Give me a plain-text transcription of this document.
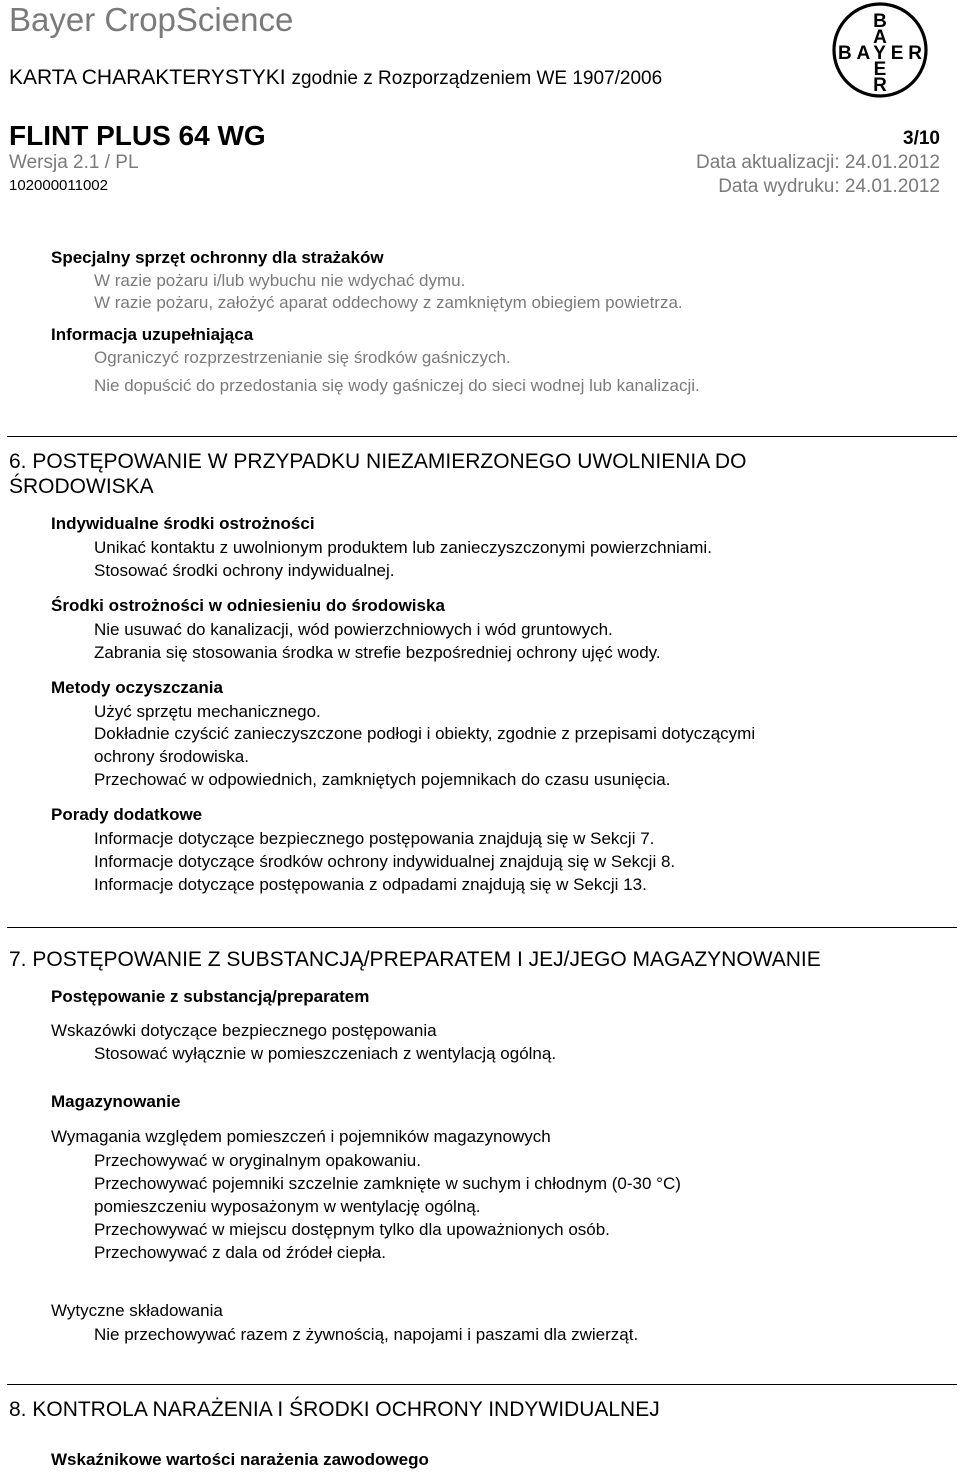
Bayer CropScience
KARTA CHARAKTERYSTYKI zgodnie z Rozporządzeniem WE 1907/2006
B
A
E
R
BAYER
FLINT PLUS 64 WG	3/10
Wersja 2.1 / PL	Data aktualizacji: 24.01.2012
102000011002	Data wydruku: 24.01.2012
Specjalny sprzęt ochronny dla strażaków
W razie pożaru i/lub wybuchu nie wdychać dymu.
W razie pożaru, założyć aparat oddechowy z zamkniętym obiegiem powietrza.
Informacja uzupełniająca
Ograniczyć rozprzestrzenianie się środków gaśniczych.
Nie dopuścić do przedostania się wody gaśniczej do sieci wodnej lub kanalizacji.
6. POSTĘPOWANIE W PRZYPADKU NIEZAMIERZONEGO UWOLNIENIA DO
ŚRODOWISKA
Indywidualne środki ostrożności
Unikać kontaktu z uwolnionym produktem lub zanieczyszczonymi powierzchniami.
Stosować środki ochrony indywidualnej.
Środki ostrożności w odniesieniu do środowiska
Nie usuwać do kanalizacji, wód powierzchniowych i wód gruntowych.
Zabrania się stosowania środka w strefie bezpośredniej ochrony ujęć wody.
Metody oczyszczania
Użyć sprzętu mechanicznego.
Dokładnie czyścić zanieczyszczone podłogi i obiekty, zgodnie z przepisami dotyczącymi
ochrony środowiska.
Przechować w odpowiednich, zamkniętych pojemnikach do czasu usunięcia.
Porady dodatkowe
Informacje dotyczące bezpiecznego postępowania znajdują się w Sekcji 7.
Informacje dotyczące środków ochrony indywidualnej znajdują się w Sekcji 8.
Informacje dotyczące postępowania z odpadami znajdują się w Sekcji 13.
7. POSTĘPOWANIE Z SUBSTANCJĄ/PREPARATEM I JEJ/JEGO MAGAZYNOWANIE
Postępowanie z substancją/preparatem
Wskazówki dotyczące bezpiecznego postępowania
Stosować wyłącznie w pomieszczeniach z wentylacją ogólną.
Magazynowanie
Wymagania względem pomieszczeń i pojemników magazynowych
Przechowywać w oryginalnym opakowaniu.
Przechowywać pojemniki szczelnie zamknięte w suchym i chłodnym (0-30 °C)
pomieszczeniu wyposażonym w wentylację ogólną.
Przechowywać w miejscu dostępnym tylko dla upoważnionych osób.
Przechowywać z dala od źródeł ciepła.
Wytyczne składowania
Nie przechowywać razem z żywnością, napojami i paszami dla zwierząt.
8. KONTROLA NARAŻENIA I ŚRODKI OCHRONY INDYWIDUALNEJ
Wskaźnikowe wartości narażenia zawodowego
